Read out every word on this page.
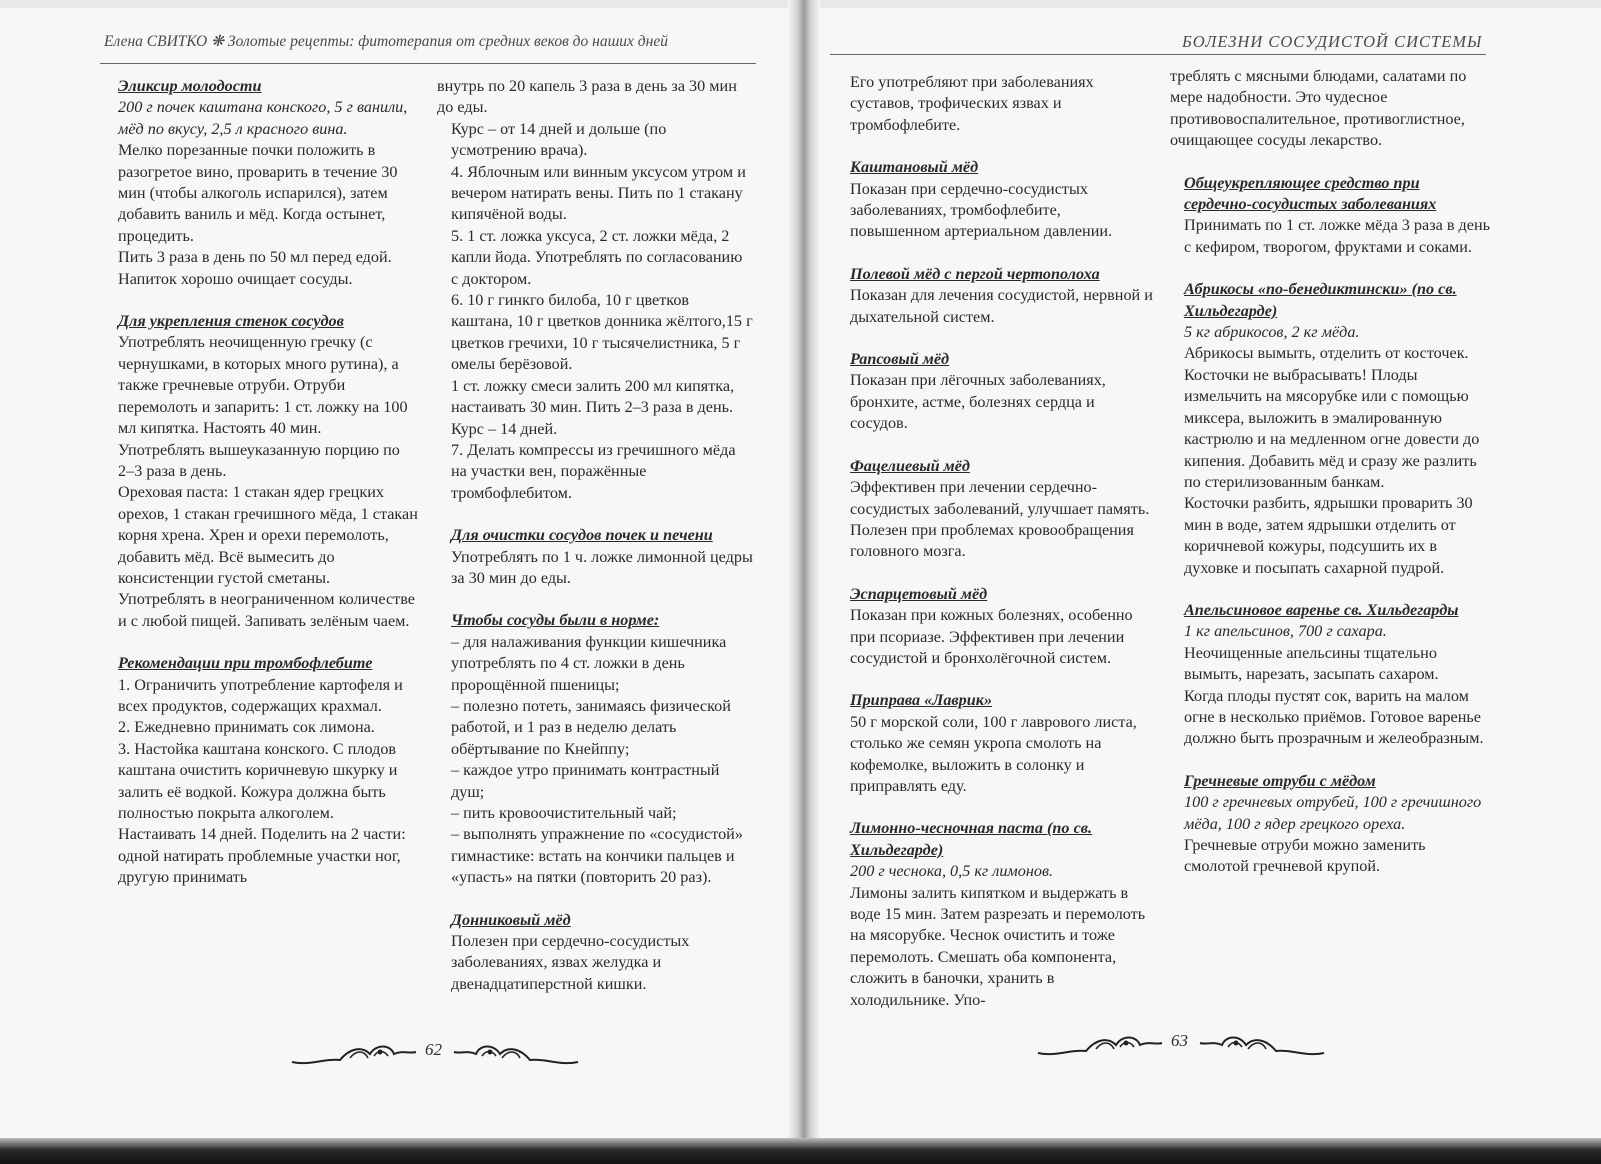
Елена СВИТКО ❋ Золотые рецепты: фитотерапия от средних веков до наших дней	БОЛЕЗНИ СОСУДИСТОЙ СИСТЕМЫ

Эликсир молодости

200 г почек каштана конского, 5 г ванили, мёд по вкусу, 2,5 л красного вина.

Мелко порезанные почки положить в разогретое вино, проварить в течение 30 мин (чтобы алкоголь испарился), затем добавить ваниль и мёд. Когда остынет, процедить.

Пить 3 раза в день по 50 мл перед едой.

Напиток хорошо очищает сосуды.

Для укрепления стенок сосудов

Употреблять неочищенную гречку (с чернушками, в которых много рутина), а также гречневые отруби. Отруби перемолоть и запарить: 1 ст. ложку на 100 мл кипятка. Настоять 40 мин.

Употреблять вышеуказанную порцию по 2–3 раза в день.

Ореховая паста: 1 стакан ядер грецких орехов, 1 стакан гречишного мёда, 1 стакан корня хрена. Хрен и орехи перемолоть, добавить мёд. Всё вымесить до консистенции густой сметаны.

Употреблять в неограниченном количестве и с любой пищей. Запивать зелёным чаем.

Рекомендации при тромбофлебите

1. Ограничить употребление картофеля и всех продуктов, содержащих крахмал.

2. Ежедневно принимать сок лимона.

3. Настойка каштана конского. С плодов каштана очистить коричневую шкурку и залить её водкой. Кожура должна быть полностью покрыта алкоголем.

Настаивать 14 дней. Поделить на 2 части: одной натирать проблемные участки ног, другую принимать

внутрь по 20 капель 3 раза в день за 30 мин до еды.

Курс – от 14 дней и дольше (по усмотрению врача).

4. Яблочным или винным уксусом утром и вечером натирать вены. Пить по 1 стакану кипячёной воды.

5. 1 ст. ложка уксуса, 2 ст. ложки мёда, 2 капли йода. Употреблять по согласованию с доктором.

6. 10 г гинкго билоба, 10 г цветков каштана, 10 г цветков донника жёлтого,15 г цветков гречихи, 10 г тысячелистника, 5 г омелы берёзовой.

1 ст. ложку смеси залить 200 мл кипятка, настаивать 30 мин. Пить 2–3 раза в день.

Курс – 14 дней.

7. Делать компрессы из гречишного мёда на участки вен, поражённые тромбофлебитом.

Для очистки сосудов почек и печени

Употреблять по 1 ч. ложке лимонной цедры за 30 мин до еды.

Чтобы сосуды были в норме:

– для налаживания функции кишечника употреблять по 4 ст. ложки в день пророщённой пшеницы;

– полезно потеть, занимаясь физической работой, и 1 раз в неделю делать обёртывание по Кнейппу;

– каждое утро принимать контрастный душ;

– пить кровоочистительный чай;

– выполнять упражнение по «сосудистой» гимнастике: встать на кончики пальцев и «упасть» на пятки (повторить 20 раз).

Донниковый мёд

Полезен при сердечно-сосудистых заболеваниях, язвах желудка и двенадцатиперстной кишки.

Его употребляют при заболеваниях суставов, трофических язвах и тромбофлебите.

Каштановый мёд

Показан при сердечно-сосудистых заболеваниях, тромбофлебите, повышенном артериальном давлении.

Полевой мёд с пергой чертополоха

Показан для лечения сосудистой, нервной и дыхательной систем.

Рапсовый мёд

Показан при лёгочных заболеваниях, бронхите, астме, болезнях сердца и сосудов.

Фацелиевый мёд

Эффективен при лечении сердечно-сосудистых заболеваний, улучшает память. Полезен при проблемах кровообращения головного мозга.

Эспарцетовый мёд

Показан при кожных болезнях, особенно при псориазе. Эффективен при лечении сосудистой и бронхолёгочной систем.

Приправа «Лаврик»

50 г морской соли, 100 г лаврового листа, столько же семян укропа смолоть на кофемолке, выложить в солонку и приправлять еду.

Лимонно-чесночная паста (по св. Хильдегарде)

200 г чеснока, 0,5 кг лимонов.

Лимоны залить кипятком и выдержать в воде 15 мин. Затем разрезать и перемолоть на мясорубке. Чеснок очистить и тоже перемолоть. Смешать оба компонента, сложить в баночки, хранить в холодильнике. Упо-

треблять с мясными блюдами, салатами по мере надобности. Это чудесное противовоспалительное, противоглистное, очищающее сосуды лекарство.

Общеукрепляющее средство при сердечно-сосудистых заболеваниях

Принимать по 1 ст. ложке мёда 3 раза в день с кефиром, творогом, фруктами и соками.

Абрикосы «по-бенедиктински» (по св. Хильдегарде)

5 кг абрикосов, 2 кг мёда.

Абрикосы вымыть, отделить от косточек. Косточки не выбрасывать! Плоды измельчить на мясорубке или с помощью миксера, выложить в эмалированную кастрюлю и на медленном огне довести до кипения. Добавить мёд и сразу же разлить по стерилизованным банкам.

Косточки разбить, ядрышки проварить 30 мин в воде, затем ядрышки отделить от коричневой кожуры, подсушить их в духовке и посыпать сахарной пудрой.

Апельсиновое варенье св. Хильдегарды

1 кг апельсинов, 700 г сахара.

Неочищенные апельсины тщательно вымыть, нарезать, засыпать сахаром.

Когда плоды пустят сок, варить на малом огне в несколько приёмов. Готовое варенье должно быть прозрачным и желеобразным.

Гречневые отруби с мёдом

100 г гречневых отрубей, 100 г гречишного мёда, 100 г ядер грецкого ореха.

Гречневые отруби можно заменить смолотой гречневой крупой.

62	63
